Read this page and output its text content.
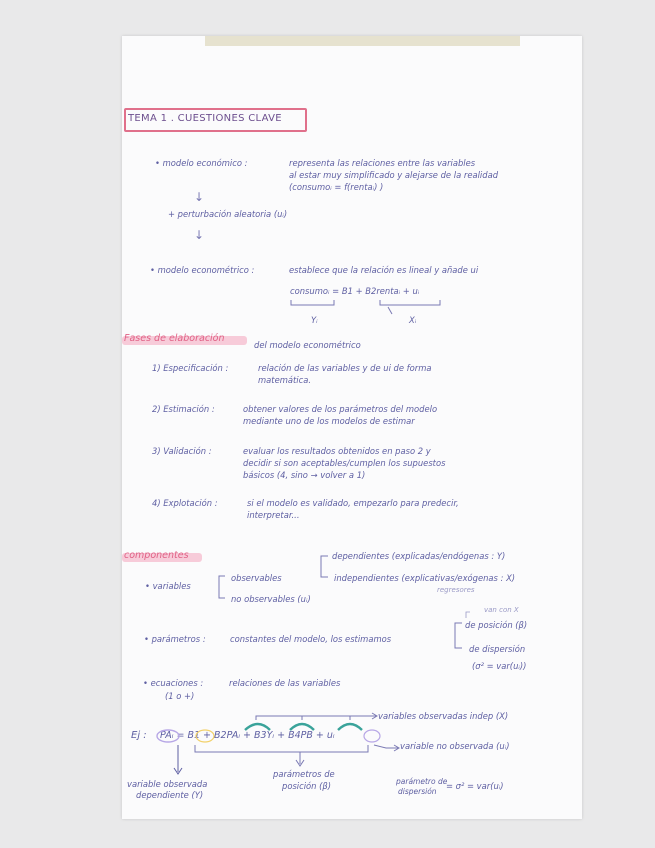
TEMA 1 . CUESTIONES CLAVE
• modelo económico :	representa las relaciones entre las variables
al estar muy simplificado y alejarse de la realidad
(consumoᵢ = f(rentaᵢ) )
↓
+ perturbación aleatoria (uᵢ)
↓
• modelo econométrico :	establece que la relación es lineal y añade ui
consumoᵢ = B1 + B2rentaᵢ + uᵢ
Yᵢ	Xᵢ
Fases de elaboración
del modelo econométrico
1) Especificación :	relación de las variables y de ui de forma
matemática.
2) Estimación :	obtener valores de los parámetros del modelo
mediante uno de los modelos de estimar
3) Validación :	evaluar los resultados obtenidos en paso 2 y
decidir si son aceptables/cumplen los supuestos
básicos (4, sino → volver a 1)
4) Explotación :	si el modelo es validado, empezarlo para predecir,
interpretar...
componentes
• variables
observables
no observables (uᵢ)
dependientes (explicadas/endógenas : Y)
independientes (explicativas/exógenas : X)
regresores
• parámetros :	constantes del modelo, los estimamos
van con X
de posición (β)
de dispersión
(σ² = var(uᵢ))
• ecuaciones :	relaciones de las variables
(1 o +)
Ej : PAᵢ = B1 + B2PAᵢ + B3Yᵢ + B4PB + uᵢ
variables observadas indep (X)
variable no observada (uᵢ)
variable observada
dependiente (Y)
parámetros de
posición (β)	parámetro de
dispersión
= σ² = var(uᵢ)
